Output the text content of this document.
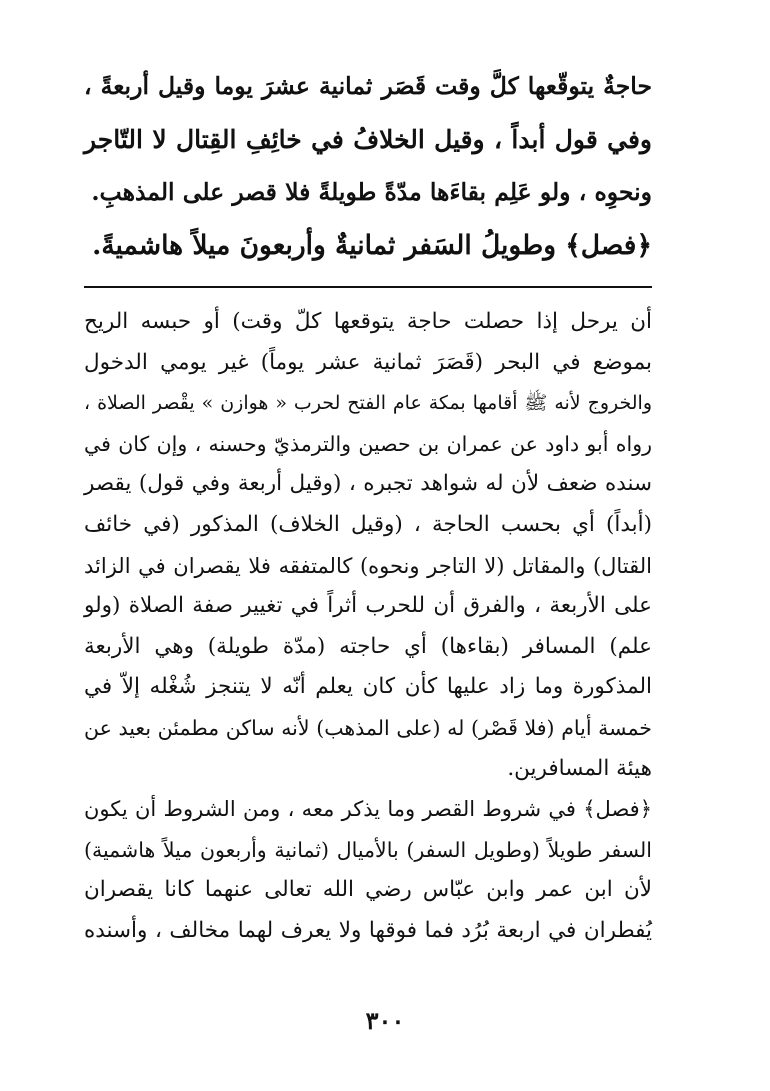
حاجةٌ يتوقّعها كلَّ وقت قَصَر ثمانية عشرَ يوما وقيل أربعةً ،
وفي قول أبداً ، وقيل الخلافُ في خائِفِ القِتال لا التّاجر
ونحوِه ، ولو عَلِم بقاءَها مدّةً طويلةً فلا قصر على المذهبِ.
﴿فصل﴾ وطويلُ السَفر ثمانيةٌ وأربعونَ ميلاً هاشميةً.
أن يرحل إذا حصلت حاجة يتوقعها كلّ وقت) أو حبسه الريح
بموضع في البحر (قَصَرَ ثمانية عشر يوماً) غير يومي الدخول
والخروج لأنه ﷺ أقامها بمكة عام الفتح لحرب « هوازن » يقْصر الصلاة ،
رواه أبو داود عن عمران بن حصين والترمذيّ وحسنه ، وإن كان في
سنده ضعف لأن له شواهد تجبره ، (وقيل أربعة وفي قول) يقصر
(أبداً) أي بحسب الحاجة ، (وقيل الخلاف) المذكور (في خائف
القتال) والمقاتل (لا التاجر ونحوه) كالمتفقه فلا يقصران في الزائد
على الأربعة ، والفرق أن للحرب أثراً في تغيير صفة الصلاة (ولو
علم) المسافر (بقاءها) أي حاجته (مدّة طويلة) وهي الأربعة
المذكورة وما زاد عليها كأن كان يعلم أنّه لا يتنجز شُغْله إلاّ في
خمسة أيام (فلا قَصْر) له (على المذهب) لأنه ساكن مطمئن بعيد عن
هيئة المسافرين.
﴿فصل﴾ في شروط القصر وما يذكر معه ، ومن الشروط أن يكون
السفر طويلاً (وطويل السفر) بالأميال (ثمانية وأربعون ميلاً هاشمية)
لأن ابن عمر وابن عبّاس رضي الله تعالى عنهما كانا يقصران
يُفطران في اربعة بُرُد فما فوقها ولا يعرف لهما مخالف ، وأسنده
٣٠٠
